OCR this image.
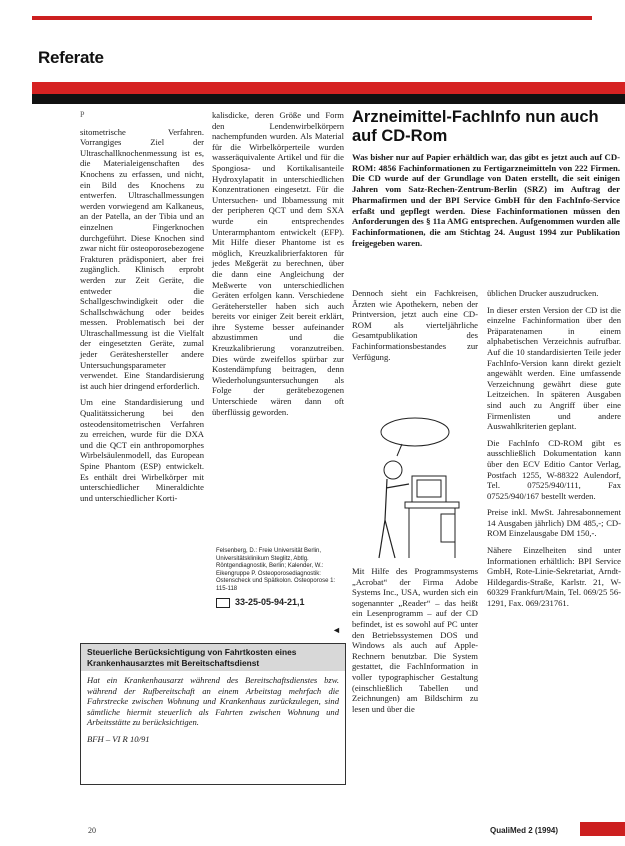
Referate

P

sitometrische Verfahren. Vorrangiges Ziel der Ultraschallknochenmessung ist es, die Materialeigenschaften des Knochens zu erfassen, und nicht, ein Bild des Knochens zu entwerfen. Ultraschallmessungen werden vorwiegend am Kalkaneus, an der Patella, an der Tibia und an einzelnen Fingerknochen durchgeführt. Diese Knochen sind zwar nicht für osteoporosebezogene Frakturen prädisponiert, aber frei zugänglich. Klinisch erprobt werden zur Zeit Geräte, die entweder die Schallgeschwindigkeit oder die Schallschwächung oder beides messen. Problematisch bei der Ultraschallmessung ist die Vielfalt der eingesetzten Geräte, zumal jeder Geräteshersteller andere Untersuchungsparameter verwendet. Eine Standardisierung ist auch hier dringend erforderlich.

Um eine Standardisierung und Qualitätssicherung bei den osteodensitometrischen Verfahren zu erreichen, wurde für die DXA und die QCT ein anthropomorphes Wirbelsäulenmodell, das European Spine Phantom (ESP) entwickelt. Es enthält drei Wirbelkörper mit unterschiedlicher Mineraldichte und unterschiedlicher Korti-

kalisdicke, deren Größe und Form den Lendenwirbelkörpern nachempfunden wurden. Als Material für die Wirbelkörperteile wurden wasseräquivalente Artikel und für die Spongiosa- und Kortikalisanteile Hydroxylapatit in unterschiedlichen Konzentrationen eingesetzt. Für die Untersuchen- und Ibbamessung mit der peripheren QCT und dem SXA wurde ein entsprechendes Unterarmphantom entwickelt (EFP). Mit Hilfe dieser Phantome ist es möglich, Kreuzkalibrierfaktoren für jedes Meßgerät zu berechnen, über die dann eine Angleichung der Meßwerte von unterschiedlichen Geräten erfolgen kann. Verschiedene Gerätehersteller haben sich auch bereits vor einiger Zeit bereit erklärt, ihre Systeme besser aufeinander abzustimmen und die Kreuzkalibrierung voranzutreiben. Dies würde zweifellos spürbar zur Kostendämpfung beitragen, denn Wiederholungsuntersuchungen als Folge der gerätebezogenen Unterschiede wären dann oft überflüssig geworden.

Felsenberg, D.: Freie Universität Berlin, Universitätsklinikum Steglitz, Abtlg. Röntgendiagnostik, Berlin; Kalender, W.: Eikengruppe P. Osteoporosediagnostik: Ostenscheck und Spätkolon. Osteoporose 1: 115-118
33-25-05-94-21,1
◄
Arzneimittel-FachInfo nun auch auf CD-Rom
Was bisher nur auf Papier erhältlich war, das gibt es jetzt auch auf CD-ROM: 4856 Fachinformationen zu Fertigarzneimitteln von 222 Firmen. Die CD wurde auf der Grundlage von Daten erstellt, die seit einigen Jahren vom Satz-Rechen-Zentrum-Berlin (SRZ) im Auftrag der Pharmafirmen und der BPI Service GmbH für den FachInfo-Service erfaßt und gepflegt werden. Diese Fachinformationen müssen den Anforderungen des § 11a AMG entsprechen. Aufgenommen wurden alle Fachinformationen, die am Stichtag 24. August 1994 zur Publikation freigegeben waren.

Dennoch sieht ein Fachkreisen, Ärzten wie Apothekern, neben der Printversion, jetzt auch eine CD-ROM als vierteljährliche Gesamtpublikation des Fachinformationsbestandes zur Verfügung.

Mit Hilfe des Programmsystems „Acrobat“ der Firma Adobe Systems Inc., USA, wurden sich ein sogenannter „Reader“ – das heißt ein Lesenprogramm – auf der CD befindet, ist es sowohl auf PC unter den Betriebssystemen DOS und Windows als auch auf Apple-Rechnern benutzbar. Die System gestattet, die FachInformation in voller typographischer Gestaltung (einschließlich Tabellen und Zeichnungen) am Bildschirm zu lesen und über die

üblichen Drucker auszudrucken.

In dieser ersten Version der CD ist die einzelne Fachinformation über den Präparatenamen in einem alphabetischen Verzeichnis aufrufbar. Auf die 10 standardisierten Teile jeder FachInfo-Version kann direkt gezielt angewählt werden. Eine umfassende Verzeichnung gewährt diese gute Leitzeichen. In späteren Ausgaben sind auch zu Angriff über eine Firmenlisten und andere Auswahlkriterien geplant.

Die FachInfo CD-ROM gibt es ausschließlich Dokumentation kann über den ECV Editio Cantor Verlag, Postfach 1255, W-88322 Aulendorf, Tel. 07525/940/111, Fax 07525/940/167 bestellt werden.

Preise inkl. MwSt. Jahresabonnement 14 Ausgaben jährlich) DM 485,-; CD-ROM Einzelausgabe DM 150,-.

Nähere Einzelheiten sind unter Informationen erhältlich: BPI Service GmbH, Rote-Linie-Sekretariat, Arndt-Hildegardis-Straße, Karlstr. 21, W-60329 Frankfurt/Main, Tel. 069/25 56-1291, Fax. 069/231761.

Steuerliche Berücksichtigung von Fahrtkosten eines Krankenhausarztes mit Bereitschaftsdienst
Hat ein Krankenhausarzt während des Bereitschaftsdienstes bzw. während der Rufbereitschaft an einem Arbeitstag mehrfach die Fahrstrecke zwischen Wohnung und Krankenhaus zurückzulegen, sind sämtliche hiermit steuerlich als Fahrten zwischen Wohnung und Arbeitsstätte zu berücksichtigen.
BFH – VI R 10/91
20	QualiMed 2 (1994)
